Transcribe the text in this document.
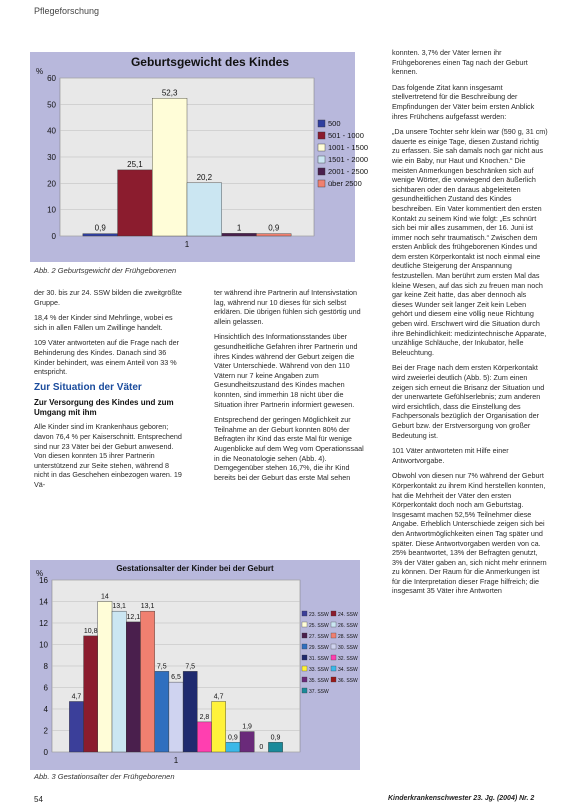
Pflegeforschung
Geburtsgewicht des Kindes
%
0
10
20
30
40
50
60
0,9
25,1
52,3
20,2
1	0,9
1
500
501 - 1000
1001 - 1500
1501 - 2000
2001 - 2500
über 2500
Abb. 2 Geburtsgewicht der Frühgeborenen

der 30. bis zur 24. SSW bilden die zweitgrößte Gruppe.

18,4 % der Kinder sind Mehrlinge, wobei es sich in allen Fällen um Zwillinge handelt.

109 Väter antworteten auf die Frage nach der Behinderung des Kindes. Danach sind 36 Kinder behindert, was einem Anteil von 33 % entspricht.

Zur Situation der Väter
Zur Versorgung des Kindes und zum Umgang mit ihm

Alle Kinder sind im Krankenhaus geboren; davon 76,4 % per Kaiserschnitt. Entsprechend sind nur 23 Väter bei der Geburt anwesend. Von diesen konnten 15 ihrer Partnerin unterstützend zur Seite stehen, während 8 nicht in das Geschehen einbezogen waren. 19 Vä-

ter während ihre Partnerin auf Intensivstation lag, während nur 10 dieses für sich selbst erklären. Die übrigen fühlen sich gestörtig und allein gelassen.

Hinsichtlich des Informationsstandes über gesundheitliche Gefahren ihrer Partnerin und ihres Kindes während der Geburt zeigen die Väter Unterschiede. Während von den 110 Vätern nur 7 keine Angaben zum Gesundheitszustand des Kindes machen konnten, sind immerhin 18 nicht über die Situation ihrer Partnerin informiert gewesen.

Entsprechend der geringen Möglichkeit zur Teilnahme an der Geburt konnten 80% der Befragten ihr Kind das erste Mal für wenige Augenblicke auf dem Weg vom Operationssaal in die Neonatologie sehen (Abb. 4). Demgegenüber stehen 16,7%, die ihr Kind bereits bei der Geburt das erste Mal sehen

konnten. 3,7% der Väter lernen ihr Frühgeborenes einen Tag nach der Geburt kennen.

Das folgende Zitat kann insgesamt stellvertretend für die Beschreibung der Empfindungen der Väter beim ersten Anblick ihres Frühchens aufgefasst werden:

„Da unsere Tochter sehr klein war (590 g, 31 cm) dauerte es einige Tage, diesen Zustand richtig zu erfassen. Sie sah damals noch gar nicht aus wie ein Baby, nur Haut und Knochen.“ Die meisten Anmerkungen beschränken sich auf wenige Wörter, die vorwiegend den äußerlich sichtbaren oder den daraus abgeleiteten gesundheitlichen Zustand des Kindes beschreiben. Ein Vater kommentiert den ersten Kontakt zu seinem Kind wie folgt: „Es schnürt sich bei mir alles zusammen, der 16. Juni ist immer noch sehr traumatisch.“ Zwischen dem ersten Anblick des frühgeborenen Kindes und dem ersten Körperkontakt ist noch einmal eine deutliche Steigerung der Anspannung festzustellen. Man berührt zum ersten Mal das kleine Wesen, auf das sich zu freuen man noch gar keine Zeit hatte, das aber dennoch als dieses Wunder seit langer Zeit kein Leben gehört und diesem eine völlig neue Richtung geben wird. Erschwert wird die Situation durch ihre Behindlichkeit: medizintechnische Apparate, unzählige Schläuche, der Inkubator, helle Beleuchtung.

Bei der Frage nach dem ersten Körperkontakt wird zweierlei deutlich (Abb. 5): Zum einen zeigen sich erneut die Brisanz der Situation und der unerwartete Gefühlserlebnis; zum anderen wird ersichtlich, dass die Einstellung des Fachpersonals bezüglich der Organisation der Geburt bzw. der Erstversorgung von großer Bedeutung ist.

101 Väter antworteten mit Hilfe einer Antwortvorgabe.

Obwohl von diesen nur 7% während der Geburt Körperkontakt zu ihrem Kind herstellen konnten, hat die Mehrheit der Väter den ersten Körperkontakt doch noch am Geburtstag. Insgesamt machen 52,5% Teilnehmer diese Angabe. Erheblich Unterschiede zeigen sich bei den Antwortmöglichkeiten einen Tag später und später. Diese Antwortvorgaben werden von ca. 25% beantwortet, 13% der Befragten genutzt, 3% der Väter gaben an, sich nicht mehr erinnern zu können. Der Raum für die Anmerkungen ist für die Interpretation dieser Frage hilfreich; die insgesamt 35 Väter ihre Antworten

Gestationsalter der Kinder bei der Geburt
%
0
2
4
6
8
10
12
14
16
4,7
10,8
14
13,1
12,1
13,1
7,5
6,5
7,5
2,8
4,7
0,9
1,9
0
0,9
1
23. SSW 24. SSW
25. SSW 26. SSW
27. SSW 28. SSW
29. SSW 30. SSW
31. SSW 32. SSW
33. SSW 34. SSW
35. SSW 36. SSW
37. SSW
Abb. 3 Gestationsalter der Frühgeborenen
54	Kinderkrankenschwester 23. Jg. (2004) Nr. 2
